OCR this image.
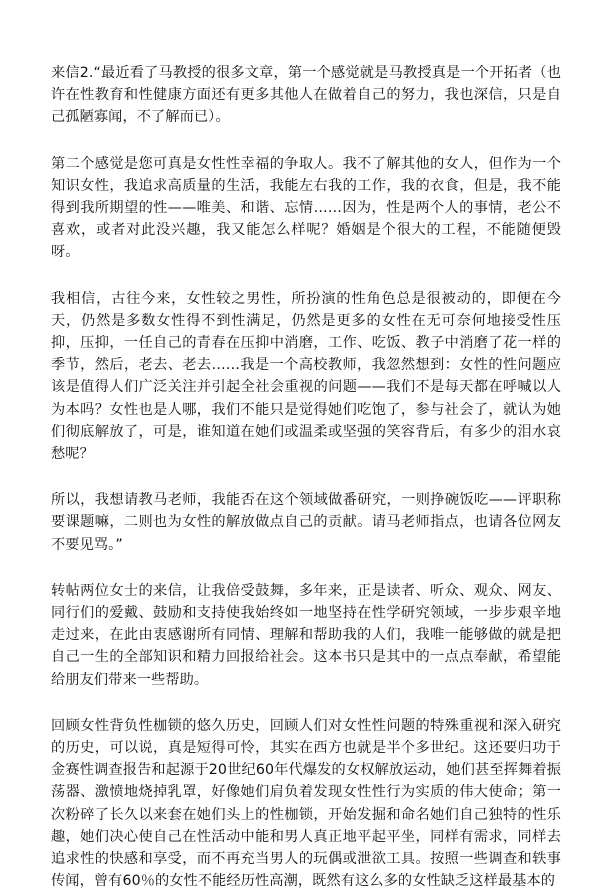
来信2.“最近看了马教授的很多文章，第一个感觉就是马教授真是一个开拓者（也许在性教育和性健康方面还有更多其他人在做着自己的努力，我也深信，只是自己孤陋寡闻，不了解而已）。

第二个感觉是您可真是女性性幸福的争取人。我不了解其他的女人，但作为一个知识女性，我追求高质量的生活，我能左右我的工作，我的衣食，但是，我不能得到我所期望的性——唯美、和谐、忘情……因为，性是两个人的事情，老公不喜欢，或者对此没兴趣，我又能怎么样呢？婚姻是个很大的工程，不能随便毁呀。

我相信，古往今来，女性较之男性，所扮演的性角色总是很被动的，即便在今天，仍然是多数女性得不到性满足，仍然是更多的女性在无可奈何地接受性压抑，压抑，一任自己的青春在压抑中消磨，工作、吃饭、教子中消磨了花一样的季节，然后，老去、老去……我是一个高校教师，我忽然想到：女性的性问题应该是值得人们广泛关注并引起全社会重视的问题——我们不是每天都在呼喊以人为本吗？女性也是人哪，我们不能只是觉得她们吃饱了，参与社会了，就认为她们彻底解放了，可是，谁知道在她们或温柔或坚强的笑容背后，有多少的泪水哀愁呢？

所以，我想请教马老师，我能否在这个领域做番研究，一则挣碗饭吃——评职称要课题嘛，二则也为女性的解放做点自己的贡献。请马老师指点，也请各位网友不要见骂。”

转帖两位女士的来信，让我倍受鼓舞，多年来，正是读者、听众、观众、网友、同行们的爱戴、鼓励和支持使我始终如一地坚持在性学研究领域，一步步艰辛地走过来，在此由衷感谢所有同情、理解和帮助我的人们，我唯一能够做的就是把自己一生的全部知识和精力回报给社会。这本书只是其中的一点点奉献，希望能给朋友们带来一些帮助。

回顾女性背负性枷锁的悠久历史，回顾人们对女性性问题的特殊重视和深入研究的历史，可以说，真是短得可怜，其实在西方也就是半个多世纪。这还要归功于金赛性调查报告和起源于20世纪60年代爆发的女权解放运动，她们甚至挥舞着振荡器、激愤地烧掉乳罩，好像她们肩负着发现女性性行为实质的伟大使命；第一次粉碎了长久以来套在她们头上的性枷锁，开始发掘和命名她们自己独特的性乐趣，她们决心使自己在性活动中能和男人真正地平起平坐，同样有需求，同样去追求性的快感和享受，而不再充当男人的玩偶或泄欲工具。按照一些调查和轶事传闻，曾有60％的女性不能经历性高潮，既然有这么多的女性缺乏这样最基本的
